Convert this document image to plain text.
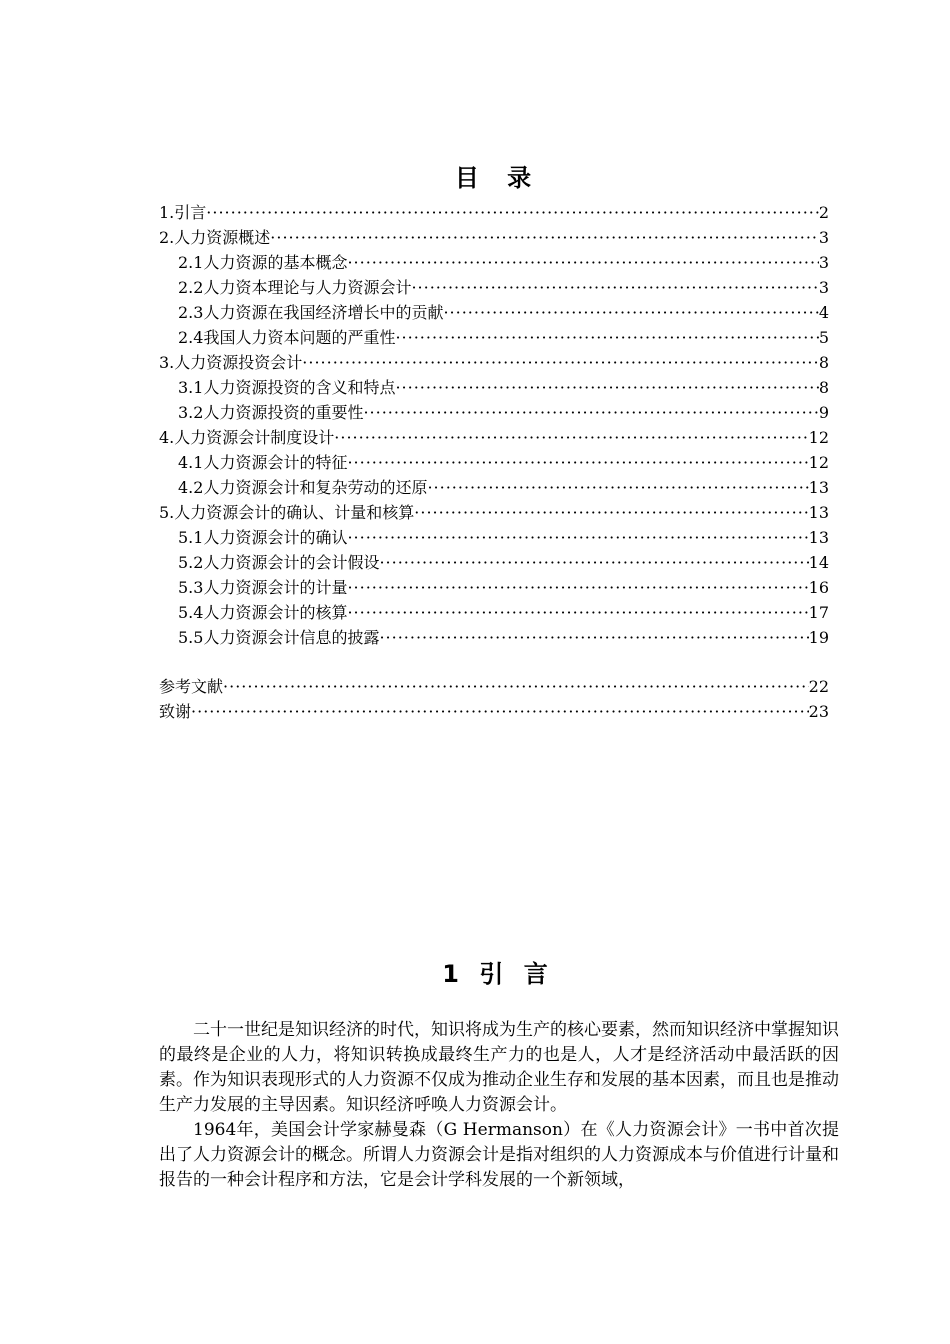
目 录
1.引言 ·····	2
2.人力资源概述 ·····	3
2.1人力资源的基本概念 ·····	3
2.2人力资本理论与人力资源会计 ·····	3
2.3人力资源在我国经济增长中的贡献 ·····	4
2.4我国人力资本问题的严重性 ·····	5
3.人力资源投资会计 ·····	8
3.1人力资源投资的含义和特点 ·····	8
3.2人力资源投资的重要性 ·····	9
4.人力资源会计制度设计 ·····	12
4.1人力资源会计的特征 ·····	12
4.2人力资源会计和复杂劳动的还原 ·····	13
5.人力资源会计的确认、计量和核算 ·····	13
5.1人力资源会计的确认 ·····	13
5.2人力资源会计的会计假设 ·····	14
5.3人力资源会计的计量 ·····	16
5.4人力资源会计的核算 ·····	17
5.5人力资源会计信息的披露 ·····	19
参考文献 ·····	22
致谢 ·····	23
1 引 言

二十一世纪是知识经济的时代，知识将成为生产的核心要素，然而知识经济中掌握知识的最终是企业的人力，将知识转换成最终生产力的也是人，人才是经济活动中最活跃的因素。作为知识表现形式的人力资源不仅成为推动企业生存和发展的基本因素，而且也是推动生产力发展的主导因素。知识经济呼唤人力资源会计。

1964年，美国会计学家赫曼森（G Hermanson）在《人力资源会计》一书中首次提出了人力资源会计的概念。所谓人力资源会计是指对组织的人力资源成本与价值进行计量和报告的一种会计程序和方法，它是会计学科发展的一个新领域，
